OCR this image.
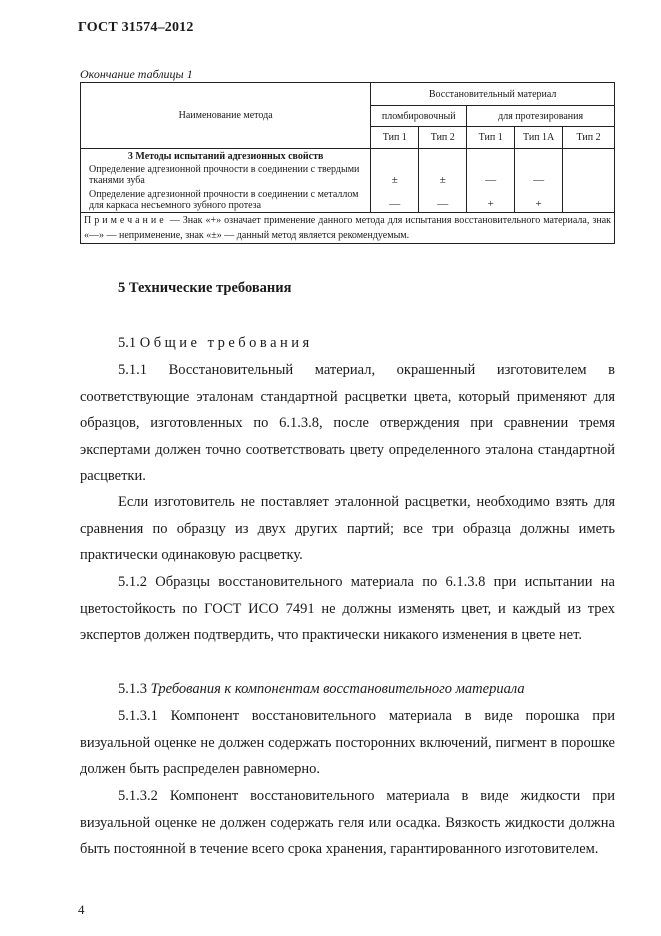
ГОСТ 31574–2012
Окончание таблицы 1
Наименование метода	Восстановительный материал				
	пломбировочный		для протезирования		
	Тип 1	Тип 2	Тип 1	Тип 1А	Тип 2
3 Методы испытаний адгезионных свойств					
Определение адгезионной прочности в соединении с твердыми тканями зуба	±	±	—	—	
Определение адгезионной прочности в соединении с металлом для каркаса несъемного зубного протеза	—	—	+	+	
Примечание — Знак «+» означает применение данного метода для испытания восстановительного материала, знак «—» — неприменение, знак «±» — данный метод является рекомендуемым.					
5 Технические требования

5.1 Общие требования

5.1.1 Восстановительный материал, окрашенный изготовителем в соответствующие эталонам стандартной расцветки цвета, который применяют для образцов, изготовленных по 6.1.3.8, после отверждения при сравнении тремя экспертами должен точно соответствовать цвету определенного эталона стандартной расцветки.

Если изготовитель не поставляет эталонной расцветки, необходимо взять для сравнения по образцу из двух других партий; все три образца должны иметь практически одинаковую расцветку.

5.1.2 Образцы восстановительного материала по 6.1.3.8 при испытании на цветостойкость по ГОСТ ИСО 7491 не должны изменять цвет, и каждый из трех экспертов должен подтвердить, что практически никакого изменения в цвете нет.

5.1.3 Требования к компонентам восстановительного материала

5.1.3.1 Компонент восстановительного материала в виде порошка при визуальной оценке не должен содержать посторонних включений, пигмент в порошке должен быть распределен равномерно.

5.1.3.2 Компонент восстановительного материала в виде жидкости при визуальной оценке не должен содержать геля или осадка. Вязкость жидкости должна быть постоянной в течение всего срока хранения, гарантированного изготовителем.

4
